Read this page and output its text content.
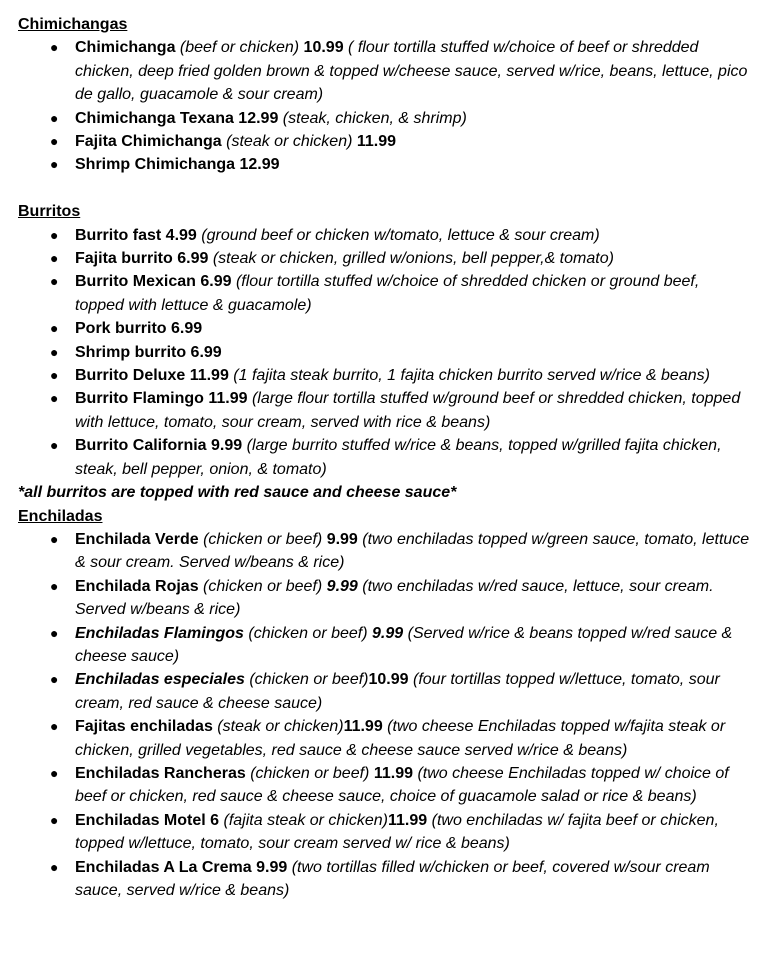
Chimichangas
● Chimichanga (beef or chicken) 10.99 ( flour tortilla stuffed w/choice of beef or shredded chicken, deep fried golden brown & topped w/cheese sauce, served w/rice, beans, lettuce, pico de gallo, guacamole & sour cream)
● Chimichanga Texana 12.99 (steak, chicken, & shrimp)
● Fajita Chimichanga (steak or chicken) 11.99
● Shrimp Chimichanga 12.99
Burritos
● Burrito fast 4.99 (ground beef or chicken w/tomato, lettuce & sour cream)
● Fajita burrito 6.99 (steak or chicken, grilled w/onions, bell pepper,& tomato)
● Burrito Mexican 6.99 (flour tortilla stuffed w/choice of shredded chicken or ground beef, topped with lettuce & guacamole)
● Pork burrito 6.99
● Shrimp burrito 6.99
● Burrito Deluxe 11.99 (1 fajita steak burrito, 1 fajita chicken burrito served w/rice & beans)
● Burrito Flamingo 11.99 (large flour tortilla stuffed w/ground beef or shredded chicken, topped with lettuce, tomato, sour cream, served with rice & beans)
● Burrito California 9.99 (large burrito stuffed w/rice & beans, topped w/grilled fajita chicken, steak, bell pepper, onion, & tomato)
*all burritos are topped with red sauce and cheese sauce*
Enchiladas
● Enchilada Verde (chicken or beef) 9.99 (two enchiladas topped w/green sauce, tomato, lettuce & sour cream. Served w/beans & rice)
● Enchilada Rojas (chicken or beef) 9.99 (two enchiladas w/red sauce, lettuce, sour cream. Served w/beans & rice)
● Enchiladas Flamingos (chicken or beef) 9.99 (Served w/rice & beans topped w/red sauce & cheese sauce)
● Enchiladas especiales (chicken or beef)10.99 (four tortillas topped w/lettuce, tomato, sour cream, red sauce & cheese sauce)
● Fajitas enchiladas (steak or chicken)11.99 (two cheese Enchiladas topped w/fajita steak or chicken, grilled vegetables, red sauce & cheese sauce served w/rice & beans)
● Enchiladas Rancheras (chicken or beef) 11.99 (two cheese Enchiladas topped w/ choice of beef or chicken, red sauce & cheese sauce, choice of guacamole salad or rice & beans)
● Enchiladas Motel 6 (fajita steak or chicken)11.99 (two enchiladas w/ fajita beef or chicken, topped w/lettuce, tomato, sour cream served w/ rice & beans)
● Enchiladas A La Crema 9.99 (two tortillas filled w/chicken or beef, covered w/sour cream sauce, served w/rice & beans)
